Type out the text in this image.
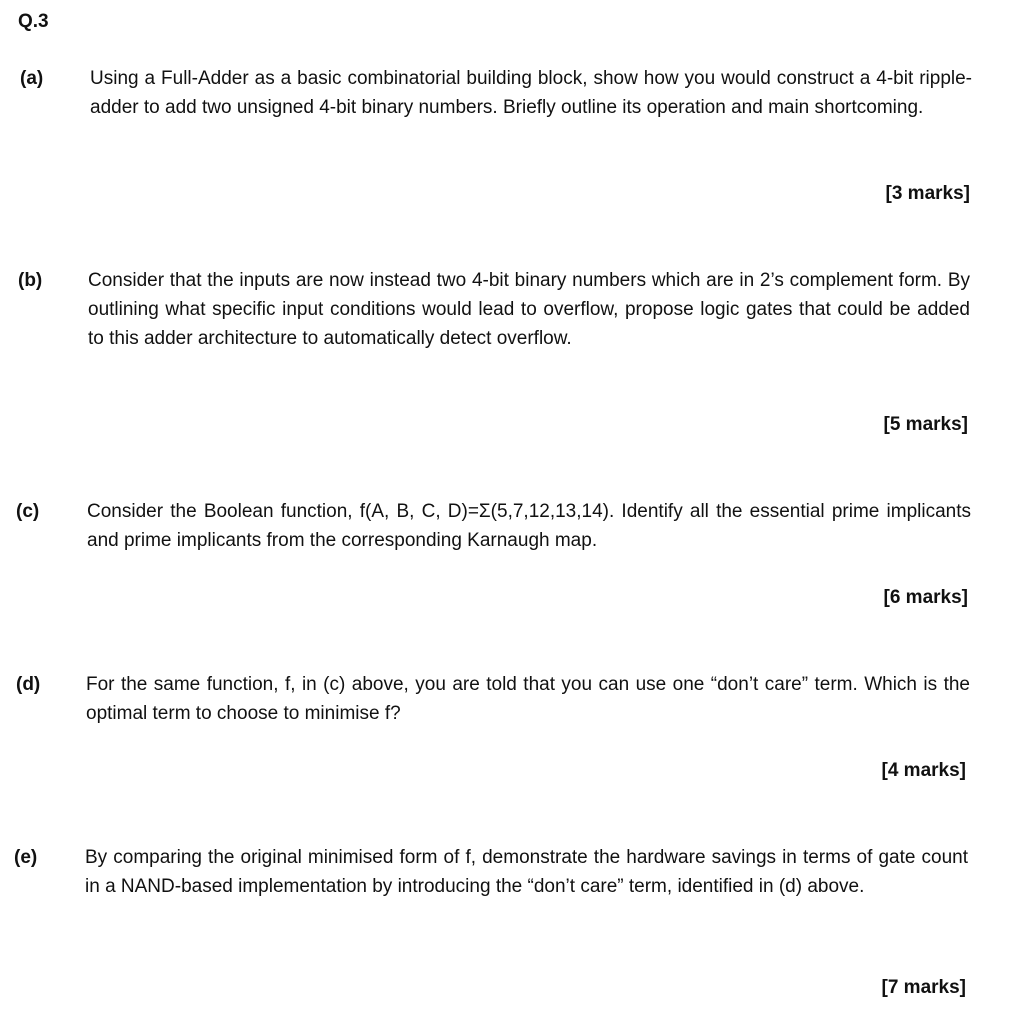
Q.3
(a) Using a Full-Adder as a basic combinatorial building block, show how you would construct a 4-bit ripple-adder to add two unsigned 4-bit binary numbers. Briefly outline its operation and main shortcoming.
[3 marks]
(b) Consider that the inputs are now instead two 4-bit binary numbers which are in 2’s complement form. By outlining what specific input conditions would lead to overflow, propose logic gates that could be added to this adder architecture to automatically detect overflow.
[5 marks]
(c)	Consider the Boolean function, f(A, B, C, D)=Σ(5,7,12,13,14). Identify all the essential prime implicants and prime implicants from the corresponding Karnaugh map.
[6 marks]
(d) For the same function, f, in (c) above, you are told that you can use one “don’t care” term. Which is the optimal term to choose to minimise f?
[4 marks]
(e)	By comparing the original minimised form of f, demonstrate the hardware savings in terms of gate count in a NAND-based implementation by introducing the “don’t care” term, identified in (d) above.
[7 marks]
